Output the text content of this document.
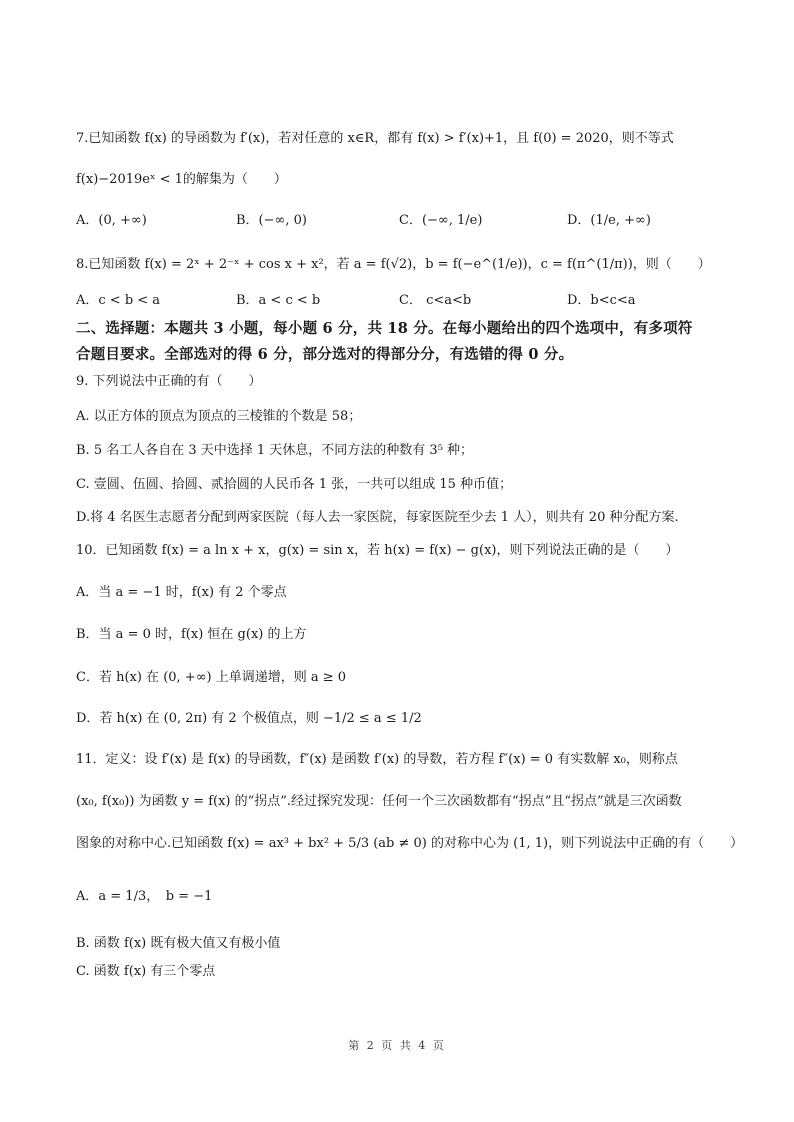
7.已知函数 f(x) 的导函数为 f′(x)，若对任意的 x∈R，都有 f(x) > f′(x)+1，且 f(0) = 2020，则不等式
f(x)−2019eˣ < 1的解集为（　　）
A．(0, +∞)	B．(−∞, 0)	C．(−∞, 1/e)	D．(1/e, +∞)
8.已知函数 f(x) = 2ˣ + 2⁻ˣ + cos x + x²，若 a = f(√2)，b = f(−e^(1/e))，c = f(π^(1/π))，则（　　）
A．c < b < a	B．a < c < b	C． c<a<b	D．b<c<a
二、选择题：本题共 3 小题，每小题 6 分，共 18 分。在每小题给出的四个选项中，有多项符
合题目要求。全部选对的得 6 分，部分选对的得部分分，有选错的得 0 分。
9. 下列说法中正确的有（　　）
A. 以正方体的顶点为顶点的三棱锥的个数是 58；
B. 5 名工人各自在 3 天中选择 1 天休息，不同方法的种数有 3⁵ 种；
C. 壹圆、伍圆、拾圆、贰拾圆的人民币各 1 张，一共可以组成 15 种币值；
D.将 4 名医生志愿者分配到两家医院（每人去一家医院，每家医院至少去 1 人），则共有 20 种分配方案.
10．已知函数 f(x) = a ln x + x，g(x) = sin x，若 h(x) = f(x) − g(x)，则下列说法正确的是（　　）
A．当 a = −1 时，f(x) 有 2 个零点
B．当 a = 0 时，f(x) 恒在 g(x) 的上方
C．若 h(x) 在 (0, +∞) 上单调递增，则 a ≥ 0
D．若 h(x) 在 (0, 2π) 有 2 个极值点，则 −1/2 ≤ a ≤ 1/2
11．定义：设 f′(x) 是 f(x) 的导函数，f″(x) 是函数 f′(x) 的导数，若方程 f″(x) = 0 有实数解 x₀，则称点
(x₀, f(x₀)) 为函数 y = f(x) 的“拐点”.经过探究发现：任何一个三次函数都有“拐点”且“拐点”就是三次函数
图象的对称中心.已知函数 f(x) = ax³ + bx² + 5/3 (ab ≠ 0) 的对称中心为 (1, 1)，则下列说法中正确的有（　　）
A．a = 1/3，　b = −1
B. 函数 f(x) 既有极大值又有极小值
C. 函数 f(x) 有三个零点
第 2 页 共 4 页
